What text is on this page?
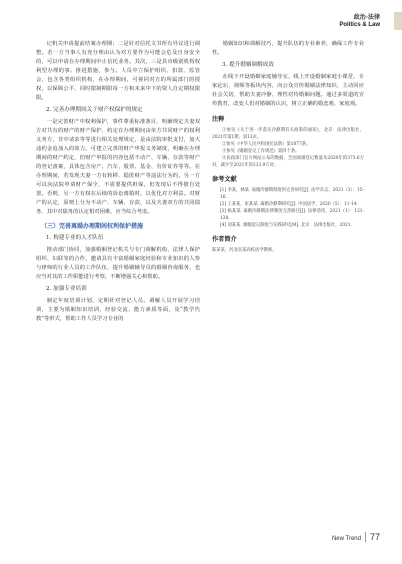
政治·法律
Politics & Law

记机关申请提前结案办理期；二是针对信托文书所有异议进行调整。若一方当事人有充分理由认为对方要作为可能会危及自身安全的，可以申请在办理期间中止信托业务。其次，三是县市级别机构权利型办理的事。推进措施，参与。人员中立保护组织、扣款、监管会，包含各类组织机构，在办理期间，可视同对方的所属部门的授权，以保障公平，同时限制期限每一方和未来中下的资人自定期权限限。

2. 完善办理期间关于财产权保护的规定

一是完善财产中权利保护，事件尊重标准条目，明确规定夫妻双方对共有的财产的财产保护，约定在办理期间由单方共同财产的权利义务方，非中请求等等进行相关处理规定，是由法院审批支付，加大违约金追加入的效力。可建立完善的财产申报义务制度，明确在办理期间的财产约定，但财产申报的内容包括不动产、车辆、存款等财产的登记备案，具体包含房产、汽车、股票、基金、有价证券等等。在办理期间，若发现夫妻一方有转移、隐匿财产等违法行为的，另一方可以向法院申请财产保全，不需要提供担保，但发现后不得擅自处置。否则，另一方有权在后续的诉讼离婚时，以优化对方利益。对财产的认定，原则上分为不动产、车辆、存款，以及夫妻双方的共同债务，其中对债务的认定相对困难，应当综合考虑。

（三）完善离婚办理期间权利保护措施
1. 构建专业的人才队伍

推动部门协同，加强婚姻登记机关与专门调解机构、法律人保护组织、妇联等的合作，邀请具有丰富婚姻家庭经验和专业知识的人参与律师的行业人员的工作队伍，提升婚姻辅导员的婚姻咨询服务，也应当对其的工作职能进行考察，不断增强关心和帮助。

2. 加强专业培训

制定年度培训计划，定期针对登记人员、调解人员开展学习培训，主要为婚姻知识培训、经验交流、能力素质等面，及“教学代教”等形式，帮助工作人员学习专业的

婚姻知识和调解技巧，提升队伍的专业素养，确保工作专业性。

3. 提升婚姻调解成效

在线下开设婚姻家庭辅导室、线上开设婚姻家庭小课堂、专家论坛、视频等板块内容，向公众宣传婚姻法律知识，主动回应社会关切，帮助夫妻冷静、理性对待婚姻问题。通过多渠道的宣传教育，改变人们对婚姻的认识，树立正确的婚恋观、家庭观。

注释

①参见《关于进一步落实冷静期有关政策的通知》，北京：法律出版社，2021年第1期，第13页。

②参见《中华人民共和国民法典》第1077条。

③参见《婚姻登记工作规范》第四十条。

④民政部门官方网站公布的数据，全国离婚登记数量从2020年的373.6万对，减少至2021年的213.9万对。

参考文献

[1] 李某，林某. 离婚冷静期制度的完善研究[J]. 法学杂志，2021（3）：15-16.

[2] 王某某，张某某. 离婚冷静期研究[J]. 中国法学，2020（5）：11-14.

[3] 杨某某. 离婚冷静期法律制度完善路径[J]. 法律适用，2021（1）：121-128.

[4] 刘某某. 婚姻登记制度与实践研究[M]. 北京：法律出版社，2021.

作者简介
陈某某，河北省某高校法学教师。
New Trend 77
